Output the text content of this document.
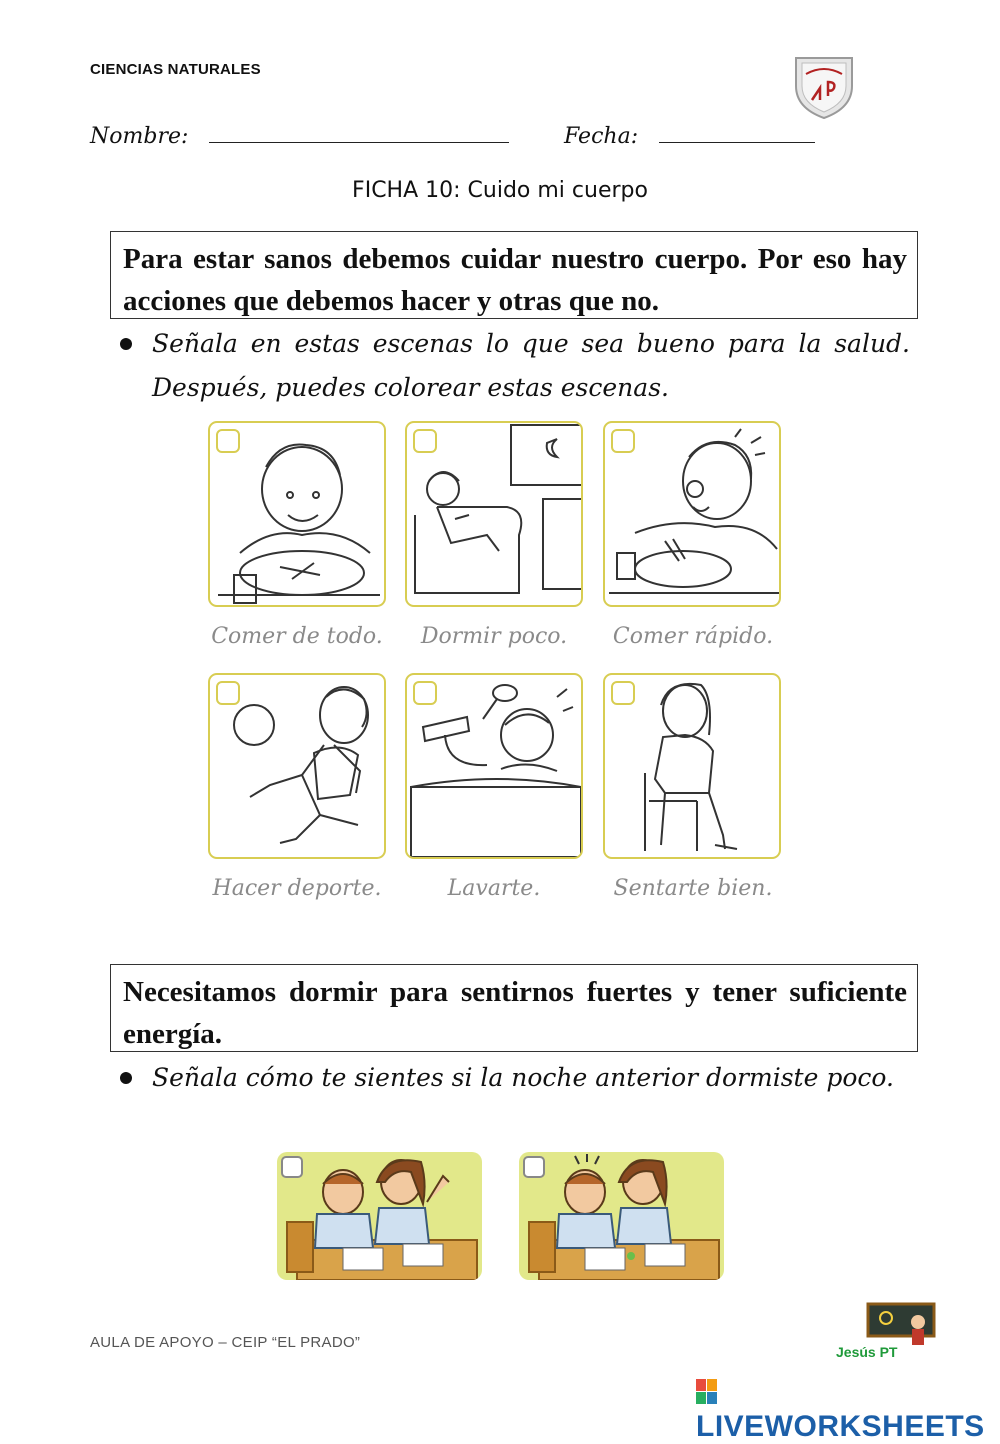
CIENCIAS NATURALES
Nombre:	Fecha:
FICHA 10: Cuido mi cuerpo
Para estar sanos debemos cuidar nuestro cuerpo. Por eso hay acciones que debemos hacer y otras que no.
Señala en estas escenas lo que sea bueno para la salud. Después, puedes colorear estas escenas.
Comer de todo.	Dormir poco.	Comer rápido.
Hacer deporte.	Lavarte.	Sentarte bien.
Necesitamos dormir para sentirnos fuertes y tener suficiente energía.
Señala cómo te sientes si la noche anterior dormiste poco.
AULA DE APOYO – CEIP “EL PRADO”
Jesús PT
LIVEWORKSHEETS
